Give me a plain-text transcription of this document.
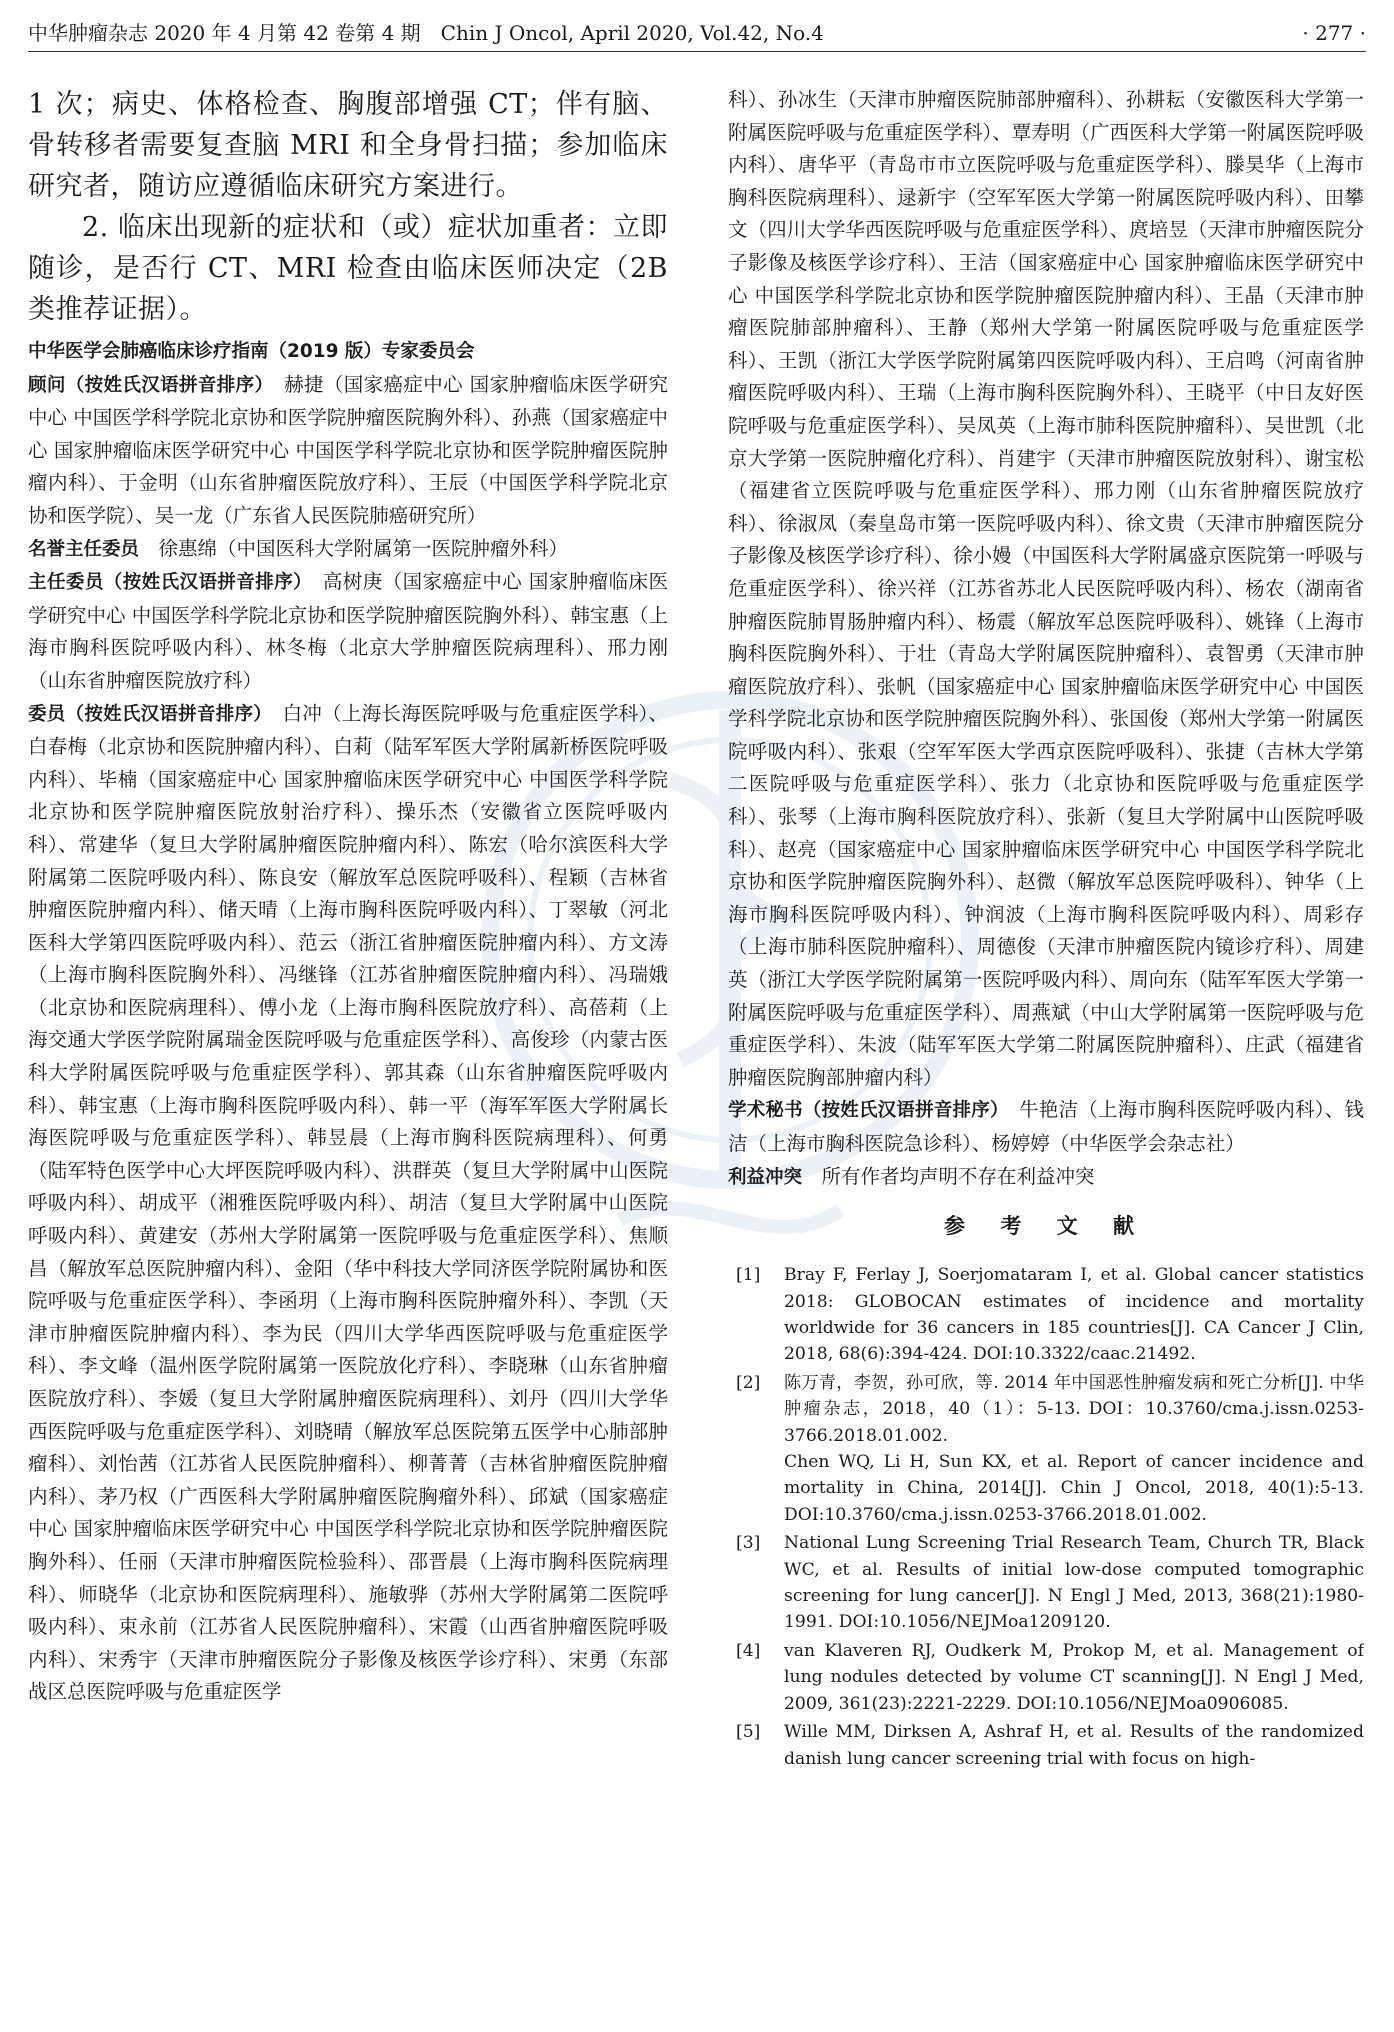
中华肿瘤杂志 2020 年 4 月第 42 卷第 4 期　Chin J Oncol, April 2020, Vol.42, No.4	· 277 ·

1 次；病史、体格检查、胸腹部增强 CT；伴有脑、骨转移者需要复查脑 MRI 和全身骨扫描；参加临床研究者，随访应遵循临床研究方案进行。

2. 临床出现新的症状和（或）症状加重者：立即随诊，是否行 CT、MRI 检查由临床医师决定（2B 类推荐证据）。

中华医学会肺癌临床诊疗指南（2019 版）专家委员会

顾问（按姓氏汉语拼音排序）　 赫捷（国家癌症中心 国家肿瘤临床医学研究中心 中国医学科学院北京协和医学院肿瘤医院胸外科）、孙燕（国家癌症中心 国家肿瘤临床医学研究中心 中国医学科学院北京协和医学院肿瘤医院肿瘤内科）、于金明（山东省肿瘤医院放疗科）、王辰（中国医学科学院北京协和医学院）、吴一龙（广东省人民医院肺癌研究所）

名誉主任委员　 徐惠绵（中国医科大学附属第一医院肿瘤外科）

主任委员（按姓氏汉语拼音排序）　 高树庚（国家癌症中心 国家肿瘤临床医学研究中心 中国医学科学院北京协和医学院肿瘤医院胸外科）、韩宝惠（上海市胸科医院呼吸内科）、林冬梅（北京大学肿瘤医院病理科）、邢力刚（山东省肿瘤医院放疗科）

委员（按姓氏汉语拼音排序）　 白冲（上海长海医院呼吸与危重症医学科）、白春梅（北京协和医院肿瘤内科）、白莉（陆军军医大学附属新桥医院呼吸内科）、毕楠（国家癌症中心 国家肿瘤临床医学研究中心 中国医学科学院北京协和医学院肿瘤医院放射治疗科）、操乐杰（安徽省立医院呼吸内科）、常建华（复旦大学附属肿瘤医院肿瘤内科）、陈宏（哈尔滨医科大学附属第二医院呼吸内科）、陈良安（解放军总医院呼吸科）、程颖（吉林省肿瘤医院肿瘤内科）、储天晴（上海市胸科医院呼吸内科）、丁翠敏（河北医科大学第四医院呼吸内科）、范云（浙江省肿瘤医院肿瘤内科）、方文涛（上海市胸科医院胸外科）、冯继锋（江苏省肿瘤医院肿瘤内科）、冯瑞娥（北京协和医院病理科）、傅小龙（上海市胸科医院放疗科）、高蓓莉（上海交通大学医学院附属瑞金医院呼吸与危重症医学科）、高俊珍（内蒙古医科大学附属医院呼吸与危重症医学科）、郭其森（山东省肿瘤医院呼吸内科）、韩宝惠（上海市胸科医院呼吸内科）、韩一平（海军军医大学附属长海医院呼吸与危重症医学科）、韩昱晨（上海市胸科医院病理科）、何勇（陆军特色医学中心大坪医院呼吸内科）、洪群英（复旦大学附属中山医院呼吸内科）、胡成平（湘雅医院呼吸内科）、胡洁（复旦大学附属中山医院呼吸内科）、黄建安（苏州大学附属第一医院呼吸与危重症医学科）、焦顺昌（解放军总医院肿瘤内科）、金阳（华中科技大学同济医学院附属协和医院呼吸与危重症医学科）、李函玥（上海市胸科医院肿瘤外科）、李凯（天津市肿瘤医院肿瘤内科）、李为民（四川大学华西医院呼吸与危重症医学科）、李文峰（温州医学院附属第一医院放化疗科）、李晓琳（山东省肿瘤医院放疗科）、李媛（复旦大学附属肿瘤医院病理科）、刘丹（四川大学华西医院呼吸与危重症医学科）、刘晓晴（解放军总医院第五医学中心肺部肿瘤科）、刘怡茜（江苏省人民医院肿瘤科）、柳菁菁（吉林省肿瘤医院肿瘤内科）、茅乃权（广西医科大学附属肿瘤医院胸瘤外科）、邱斌（国家癌症中心 国家肿瘤临床医学研究中心 中国医学科学院北京协和医学院肿瘤医院胸外科）、任丽（天津市肿瘤医院检验科）、邵晋晨（上海市胸科医院病理科）、师晓华（北京协和医院病理科）、施敏骅（苏州大学附属第二医院呼吸内科）、束永前（江苏省人民医院肿瘤科）、宋霞（山西省肿瘤医院呼吸内科）、宋秀宇（天津市肿瘤医院分子影像及核医学诊疗科）、宋勇（东部战区总医院呼吸与危重症医学

科）、孙冰生（天津市肿瘤医院肺部肿瘤科）、孙耕耘（安徽医科大学第一附属医院呼吸与危重症医学科）、覃寿明（广西医科大学第一附属医院呼吸内科）、唐华平（青岛市市立医院呼吸与危重症医学科）、滕昊华（上海市胸科医院病理科）、逯新宇（空军军医大学第一附属医院呼吸内科）、田攀文（四川大学华西医院呼吸与危重症医学科）、庹培昱（天津市肿瘤医院分子影像及核医学诊疗科）、王洁（国家癌症中心 国家肿瘤临床医学研究中心 中国医学科学院北京协和医学院肿瘤医院肿瘤内科）、王晶（天津市肿瘤医院肺部肿瘤科）、王静（郑州大学第一附属医院呼吸与危重症医学科）、王凯（浙江大学医学院附属第四医院呼吸内科）、王启鸣（河南省肿瘤医院呼吸内科）、王瑞（上海市胸科医院胸外科）、王晓平（中日友好医院呼吸与危重症医学科）、吴凤英（上海市肺科医院肿瘤科）、吴世凯（北京大学第一医院肿瘤化疗科）、肖建宇（天津市肿瘤医院放射科）、谢宝松（福建省立医院呼吸与危重症医学科）、邢力刚（山东省肿瘤医院放疗科）、徐淑凤（秦皇岛市第一医院呼吸内科）、徐文贵（天津市肿瘤医院分子影像及核医学诊疗科）、徐小嫚（中国医科大学附属盛京医院第一呼吸与危重症医学科）、徐兴祥（江苏省苏北人民医院呼吸内科）、杨农（湖南省肿瘤医院肺胃肠肿瘤内科）、杨震（解放军总医院呼吸科）、姚锋（上海市胸科医院胸外科）、于壮（青岛大学附属医院肿瘤科）、袁智勇（天津市肿瘤医院放疗科）、张帆（国家癌症中心 国家肿瘤临床医学研究中心 中国医学科学院北京协和医学院肿瘤医院胸外科）、张国俊（郑州大学第一附属医院呼吸内科）、张艰（空军军医大学西京医院呼吸科）、张捷（吉林大学第二医院呼吸与危重症医学科）、张力（北京协和医院呼吸与危重症医学科）、张琴（上海市胸科医院放疗科）、张新（复旦大学附属中山医院呼吸科）、赵亮（国家癌症中心 国家肿瘤临床医学研究中心 中国医学科学院北京协和医学院肿瘤医院胸外科）、赵微（解放军总医院呼吸科）、钟华（上海市胸科医院呼吸内科）、钟润波（上海市胸科医院呼吸内科）、周彩存（上海市肺科医院肿瘤科）、周德俊（天津市肿瘤医院内镜诊疗科）、周建英（浙江大学医学院附属第一医院呼吸内科）、周向东（陆军军医大学第一附属医院呼吸与危重症医学科）、周燕斌（中山大学附属第一医院呼吸与危重症医学科）、朱波（陆军军医大学第二附属医院肿瘤科）、庄武（福建省肿瘤医院胸部肿瘤内科）

学术秘书（按姓氏汉语拼音排序）　 牛艳洁（上海市胸科医院呼吸内科）、钱洁（上海市胸科医院急诊科）、杨婷婷（中华医学会杂志社）

利益冲突　 所有作者均声明不存在利益冲突

参 考 文 献
[1]	Bray F, Ferlay J, Soerjomataram I, et al. Global cancer statistics 2018: GLOBOCAN estimates of incidence and mortality worldwide for 36 cancers in 185 countries[J]. CA Cancer J Clin, 2018, 68(6):394-424. DOI:10.3322/caac.21492.

[2]	陈万青，李贺，孙可欣，等. 2014 年中国恶性肿瘤发病和死亡分析[J]. 中华肿瘤杂志，2018，40（1）：5-13. DOI：10.3760/cma.j.issn.0253-3766.2018.01.002.

Chen WQ, Li H, Sun KX, et al. Report of cancer incidence and mortality in China, 2014[J]. Chin J Oncol, 2018, 40(1):5-13. DOI:10.3760/cma.j.issn.0253-3766.2018.01.002.

[3]	National Lung Screening Trial Research Team, Church TR, Black WC, et al. Results of initial low-dose computed tomographic screening for lung cancer[J]. N Engl J Med, 2013, 368(21):1980-1991. DOI:10.1056/NEJMoa1209120.

[4]	van Klaveren RJ, Oudkerk M, Prokop M, et al. Management of lung nodules detected by volume CT scanning[J]. N Engl J Med, 2009, 361(23):2221-2229. DOI:10.1056/NEJMoa0906085.

[5]	Wille MM, Dirksen A, Ashraf H, et al. Results of the randomized danish lung cancer screening trial with focus on high-
